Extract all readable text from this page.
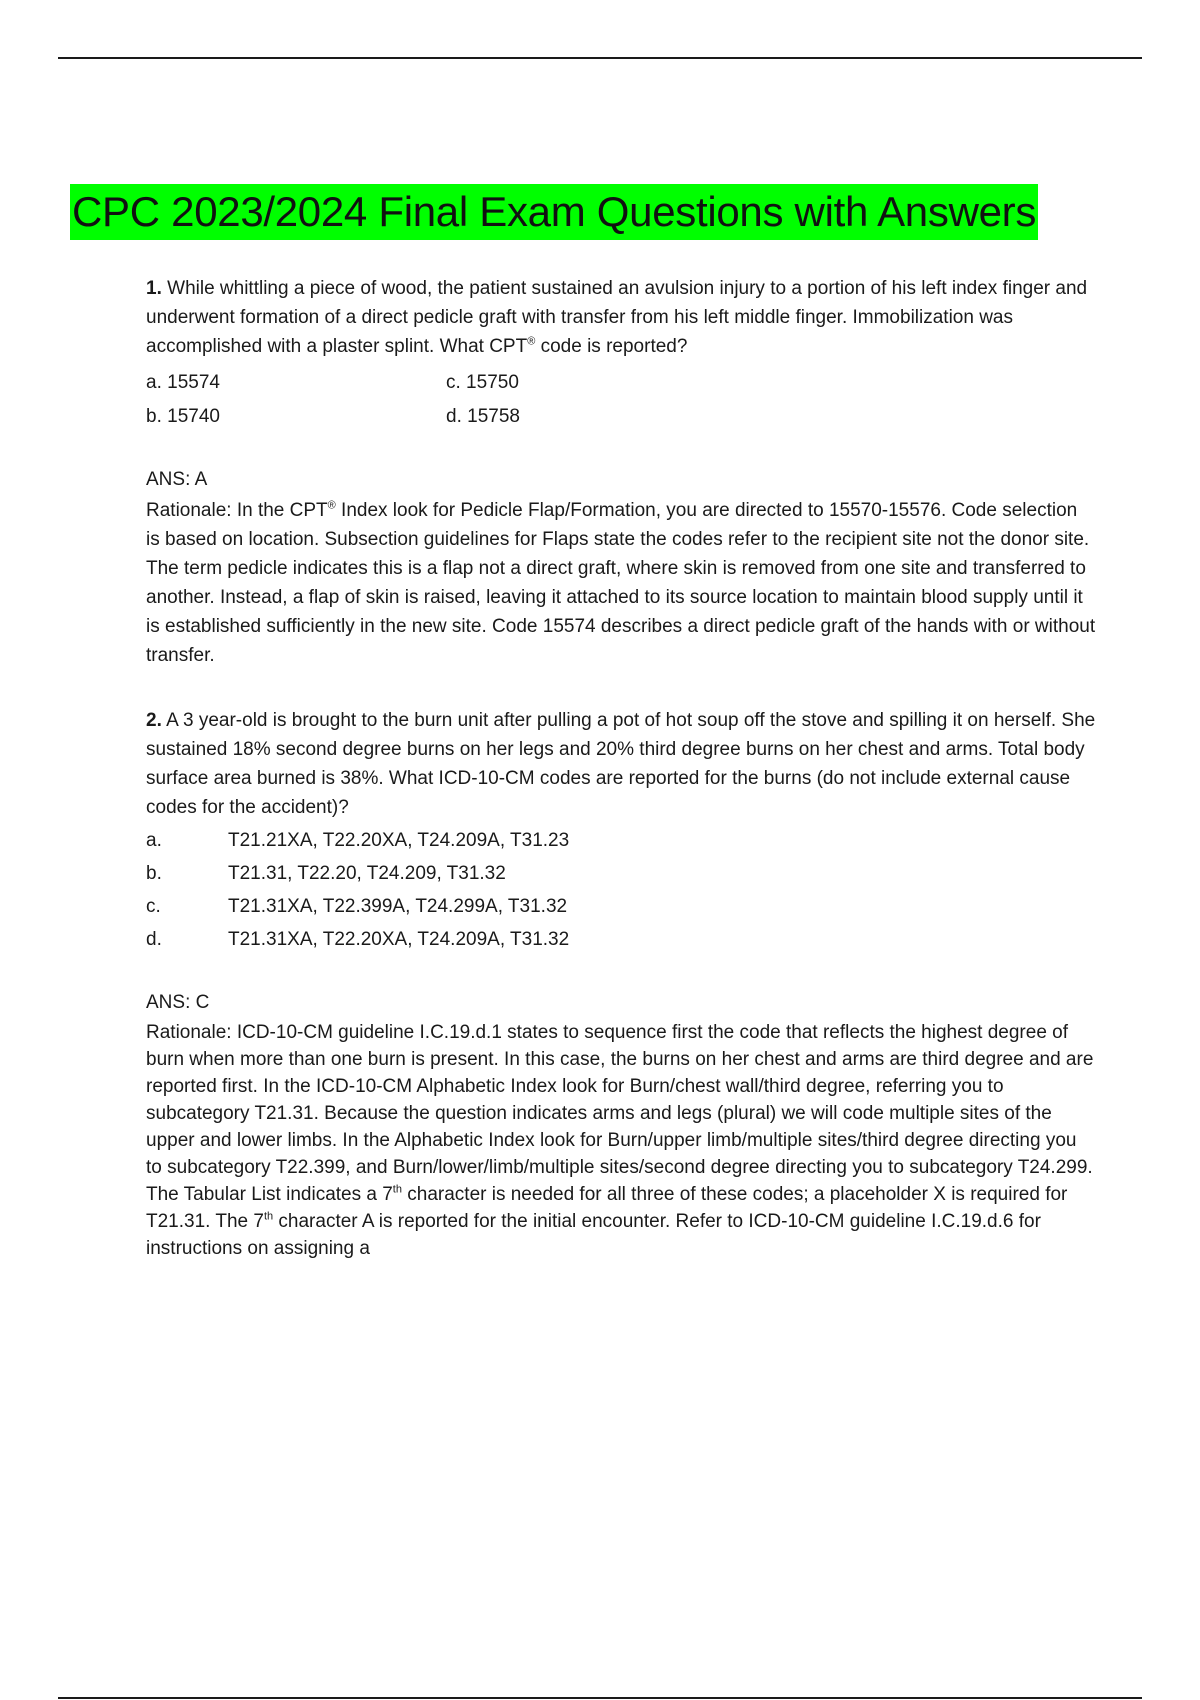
CPC 2023/2024 Final Exam Questions with Answers

1. While whittling a piece of wood, the patient sustained an avulsion injury to a portion of his left index finger and underwent formation of a direct pedicle graft with transfer from his left middle finger. Immobilization was accomplished with a plaster splint. What CPT® code is reported?

a. 15574	c. 15750
b. 15740	d. 15758
ANS: A

Rationale: In the CPT® Index look for Pedicle Flap/Formation, you are directed to 15570-15576. Code selection is based on location. Subsection guidelines for Flaps state the codes refer to the recipient site not the donor site. The term pedicle indicates this is a flap not a direct graft, where skin is removed from one site and transferred to another. Instead, a flap of skin is raised, leaving it attached to its source location to maintain blood supply until it is established sufficiently in the new site. Code 15574 describes a direct pedicle graft of the hands with or without transfer.

2. A 3 year-old is brought to the burn unit after pulling a pot of hot soup off the stove and spilling it on herself. She sustained 18% second degree burns on her legs and 20% third degree burns on her chest and arms. Total body surface area burned is 38%. What ICD-10-CM codes are reported for the burns (do not include external cause codes for the accident)?

a.	T21.21XA, T22.20XA, T24.209A, T31.23
b.	T21.31, T22.20, T24.209, T31.32
c.	T21.31XA, T22.399A, T24.299A, T31.32
d.	T21.31XA, T22.20XA, T24.209A, T31.32
ANS: C

Rationale: ICD-10-CM guideline I.C.19.d.1 states to sequence first the code that reflects the highest degree of burn when more than one burn is present. In this case, the burns on her chest and arms are third degree and are reported first. In the ICD-10-CM Alphabetic Index look for Burn/chest wall/third degree, referring you to subcategory T21.31. Because the question indicates arms and legs (plural) we will code multiple sites of the upper and lower limbs. In the Alphabetic Index look for Burn/upper limb/multiple sites/third degree directing you to subcategory T22.399, and Burn/lower/limb/multiple sites/second degree directing you to subcategory T24.299. The Tabular List indicates a 7th character is needed for all three of these codes; a placeholder X is required for T21.31. The 7th character A is reported for the initial encounter. Refer to ICD-10-CM guideline I.C.19.d.6 for instructions on assigning a
